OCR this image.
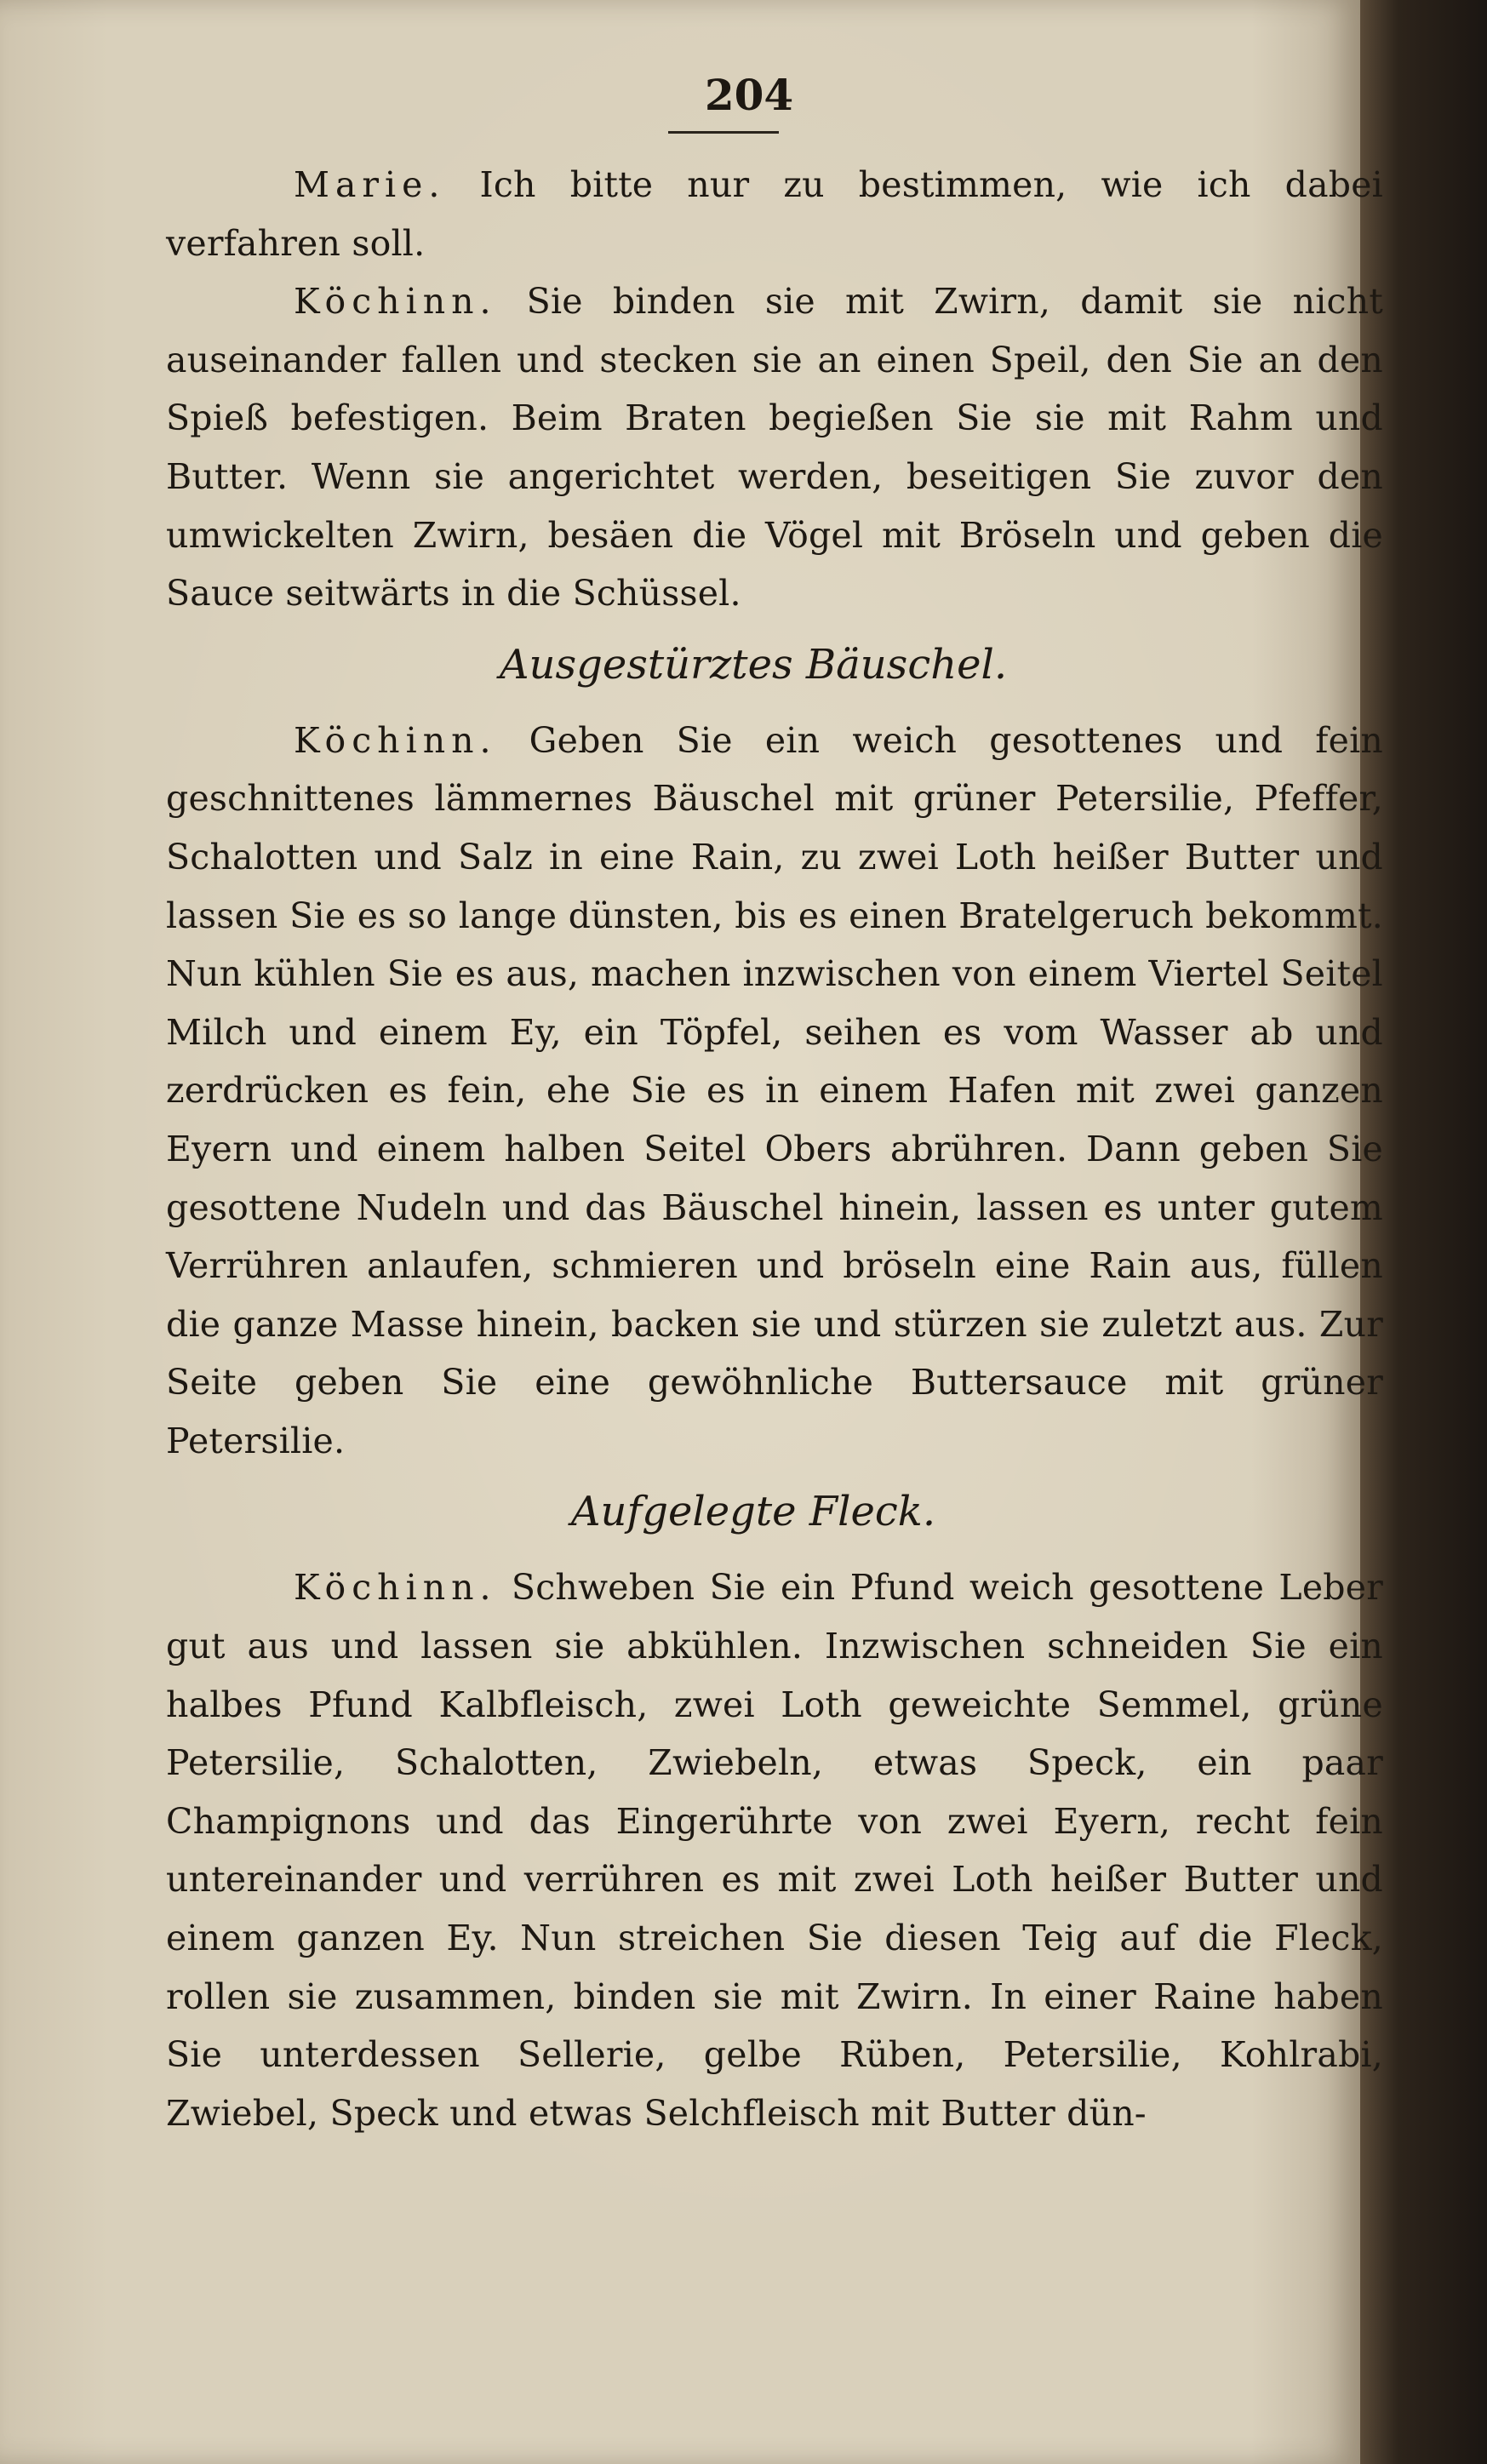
204

Marie. Ich bitte nur zu bestimmen, wie ich dabei verfahren soll.

Köchinn. Sie binden sie mit Zwirn, damit sie nicht auseinander fallen und stecken sie an einen Speil, den Sie an den Spieß befestigen. Beim Braten begießen Sie sie mit Rahm und Butter. Wenn sie angerichtet werden, beseitigen Sie zuvor den umwickelten Zwirn, besäen die Vögel mit Bröseln und geben die Sauce seitwärts in die Schüssel.

Ausgestürztes Bäuschel.

Köchinn. Geben Sie ein weich gesottenes und fein geschnittenes lämmernes Bäuschel mit grüner Petersilie, Pfeffer, Schalotten und Salz in eine Rain, zu zwei Loth heißer Butter und lassen Sie es so lange dünsten, bis es einen Bratelgeruch bekommt. Nun kühlen Sie es aus, machen inzwischen von einem Viertel Seitel Milch und einem Ey, ein Töpfel, seihen es vom Wasser ab und zerdrücken es fein, ehe Sie es in einem Hafen mit zwei ganzen Eyern und einem halben Seitel Obers abrühren. Dann geben Sie gesottene Nudeln und das Bäuschel hinein, lassen es unter gutem Verrühren anlaufen, schmieren und bröseln eine Rain aus, füllen die ganze Masse hinein, backen sie und stürzen sie zuletzt aus. Zur Seite geben Sie eine gewöhnliche Buttersauce mit grüner Petersilie.

Aufgelegte Fleck.

Köchinn. Schweben Sie ein Pfund weich gesottene Leber gut aus und lassen sie abkühlen. Inzwischen schneiden Sie ein halbes Pfund Kalbfleisch, zwei Loth geweichte Semmel, grüne Petersilie, Schalotten, Zwiebeln, etwas Speck, ein paar Champignons und das Eingerührte von zwei Eyern, recht fein untereinander und verrühren es mit zwei Loth heißer Butter und einem ganzen Ey. Nun streichen Sie diesen Teig auf die Fleck, rollen sie zusammen, binden sie mit Zwirn. In einer Raine haben Sie unterdessen Sellerie, gelbe Rüben, Petersilie, Kohlrabi, Zwiebel, Speck und etwas Selchfleisch mit Butter dün-
